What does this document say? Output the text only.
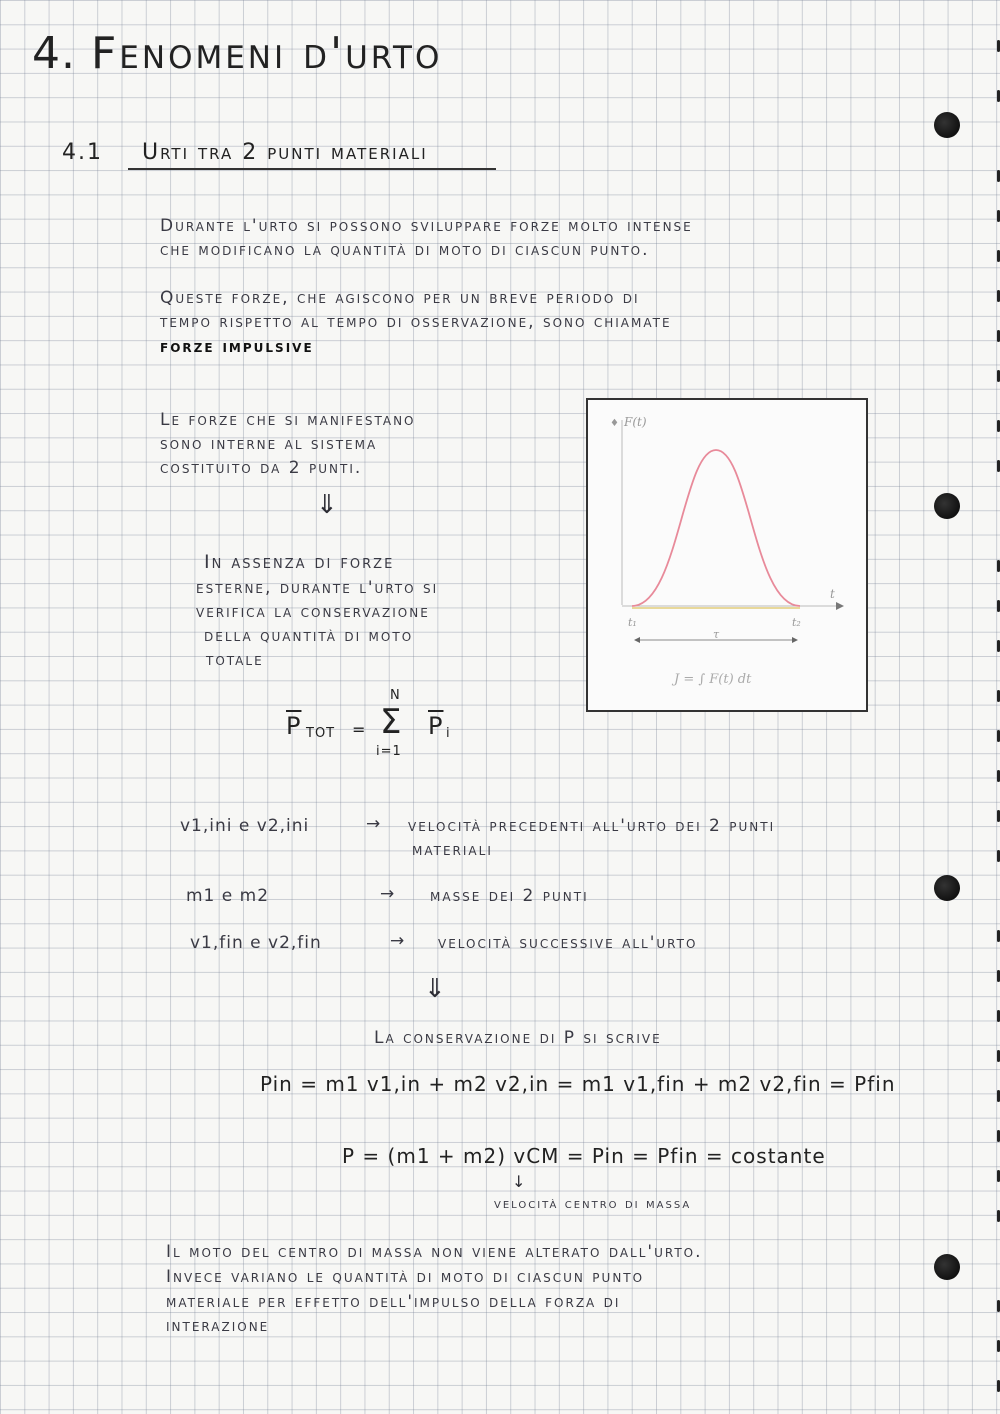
4. Fenomeni d'urto
4.1 Urti tra 2 punti materiali
Durante l'urto si possono sviluppare forze molto intense
che modificano la quantità di moto di ciascun punto.
Queste forze, che agiscono per un breve periodo di
tempo rispetto al tempo di osservazione, sono chiamate
forze impulsive
Le forze che si manifestano
sono interne al sistema
costituito da 2 punti.
⇓
In assenza di forze
esterne, durante l'urto si
verifica la conservazione
della quantità di moto
totale
$\overline{P}$ TOT =
N
Σ
i=1
$\overline{P}$ i
v1,ini e v2,ini	→ velocità precedenti all'urto dei 2 punti
materiali
m1 e m2	→ masse dei 2 punti
v1,fin e v2,fin	→ velocità successive all'urto
⇓
La conservazione di P si scrive
Pin = m1 v1,in + m2 v2,in = m1 v1,fin + m2 v2,fin = Pfin
P = (m1 + m2) vCM = Pin = Pfin = costante
↓
velocità centro di massa
Il moto del centro di massa non viene alterato dall'urto.
Invece variano le quantità di moto di ciascun punto
materiale per effetto dell'impulso della forza di
interazione
♦ F(t)
t
t₁	t₂
τ
J = ∫ F(t) dt
